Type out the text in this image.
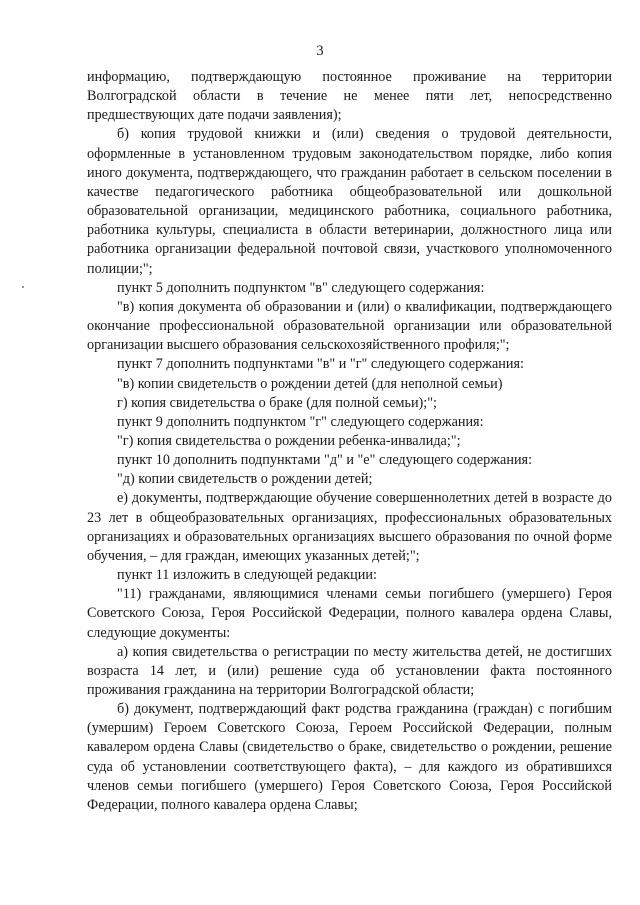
3

информацию, подтверждающую постоянное проживание на территории Волгоградской области в течение не менее пяти лет, непосредственно предшествующих дате подачи заявления);

б) копия трудовой книжки и (или) сведения о трудовой деятельности, оформленные в установленном трудовым законодательством порядке, либо копия иного документа, подтверждающего, что гражданин работает в сельском поселении в качестве педагогического работника общеобразовательной или дошкольной образовательной организации, медицинского работника, социального работника, работника культуры, специалиста в области ветеринарии, должностного лица или работника организации федеральной почтовой связи, участкового уполномоченного полиции;";

пункт 5 дополнить подпунктом "в" следующего содержания:

"в) копия документа об образовании и (или) о квалификации, подтверждающего окончание профессиональной образовательной организации или образовательной организации высшего образования сельскохозяйственного профиля;";

пункт 7 дополнить подпунктами "в" и "г" следующего содержания:

"в) копии свидетельств о рождении детей (для неполной семьи)

г) копия свидетельства о браке (для полной семьи);";

пункт 9 дополнить подпунктом "г" следующего содержания:

"г) копия свидетельства о рождении ребенка-инвалида;";

пункт 10 дополнить подпунктами "д" и "е" следующего содержания:

"д) копии свидетельств о рождении детей;

е) документы, подтверждающие обучение совершеннолетних детей в возрасте до 23 лет в общеобразовательных организациях, профессиональных образовательных организациях и образовательных организациях высшего образования по очной форме обучения, – для граждан, имеющих указанных детей;";

пункт 11 изложить в следующей редакции:

"11) гражданами, являющимися членами семьи погибшего (умершего) Героя Советского Союза, Героя Российской Федерации, полного кавалера ордена Славы, следующие документы:

а) копия свидетельства о регистрации по месту жительства детей, не достигших возраста 14 лет, и (или) решение суда об установлении факта постоянного проживания гражданина на территории Волгоградской области;

б) документ, подтверждающий факт родства гражданина (граждан) с погибшим (умершим) Героем Советского Союза, Героем Российской Федерации, полным кавалером ордена Славы (свидетельство о браке, свидетельство о рождении, решение суда об установлении соответствующего факта), – для каждого из обратившихся членов семьи погибшего (умершего) Героя Советского Союза, Героя Российской Федерации, полного кавалера ордена Славы;
